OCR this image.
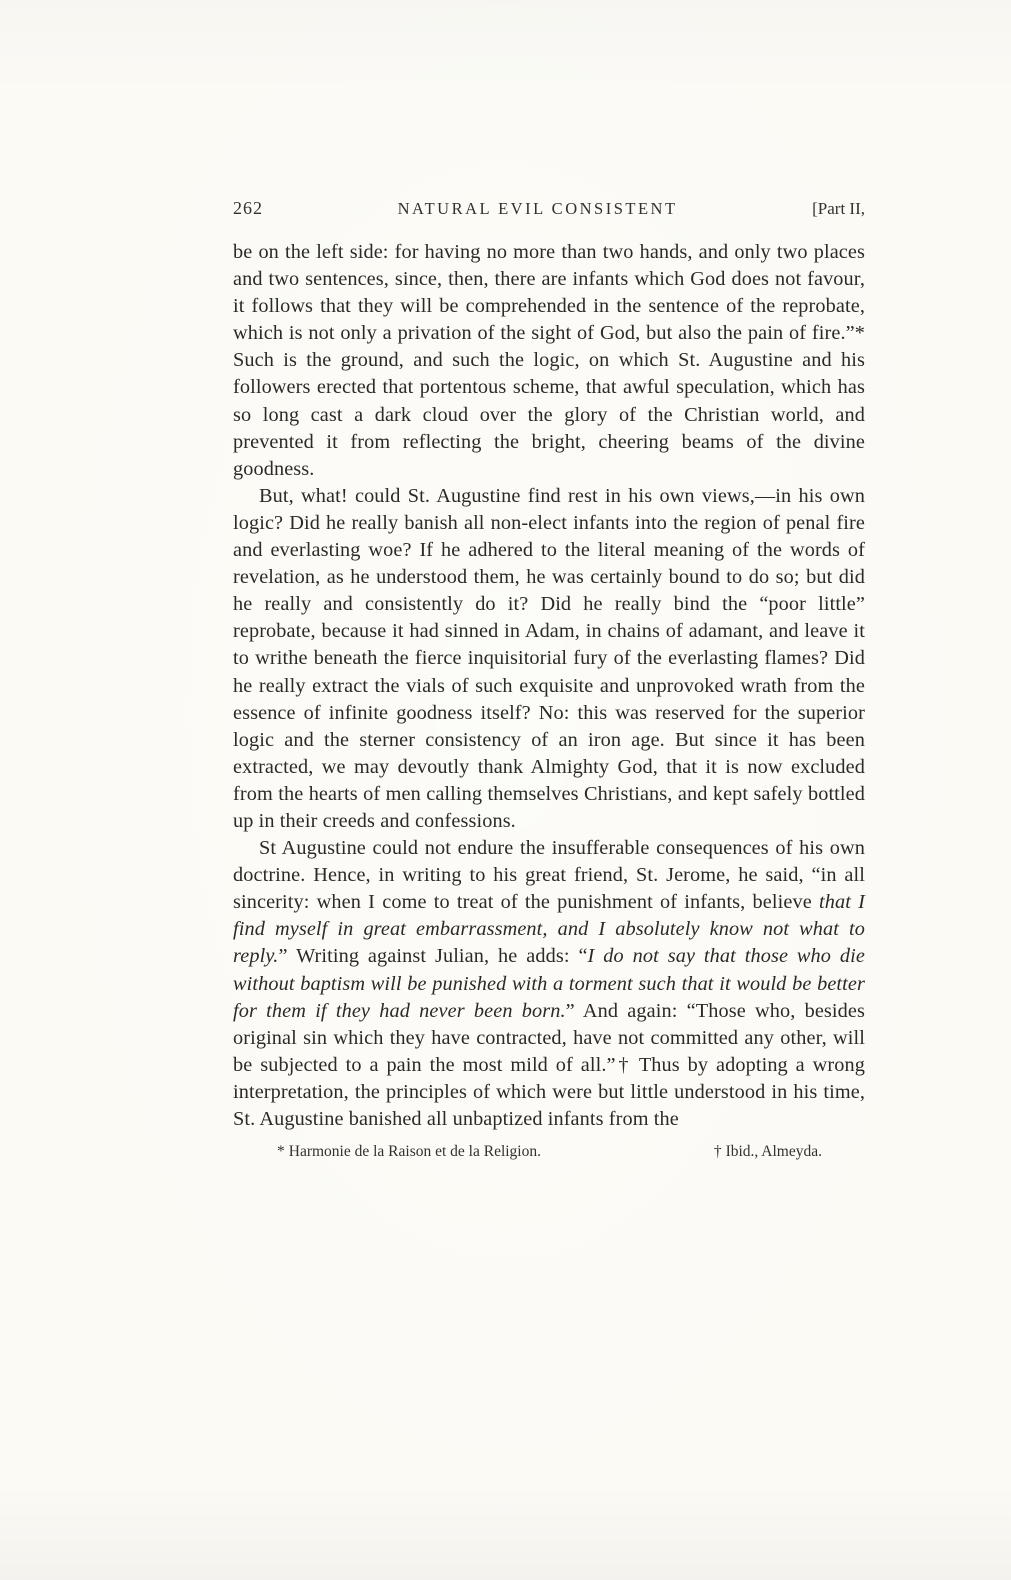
262	NATURAL EVIL CONSISTENT	[Part II,

be on the left side: for having no more than two hands, and only two places and two sentences, since, then, there are infants which God does not favour, it follows that they will be comprehended in the sentence of the reprobate, which is not only a privation of the sight of God, but also the pain of fire.”* Such is the ground, and such the logic, on which St. Augustine and his followers erected that portentous scheme, that awful speculation, which has so long cast a dark cloud over the glory of the Christian world, and prevented it from reflecting the bright, cheering beams of the divine goodness.

But, what! could St. Augustine find rest in his own views,—in his own logic? Did he really banish all non-elect infants into the region of penal fire and everlasting woe? If he adhered to the literal meaning of the words of revelation, as he understood them, he was certainly bound to do so; but did he really and consistently do it? Did he really bind the “poor little” reprobate, because it had sinned in Adam, in chains of adamant, and leave it to writhe beneath the fierce inquisitorial fury of the everlasting flames? Did he really extract the vials of such exquisite and unprovoked wrath from the essence of infinite goodness itself? No: this was reserved for the superior logic and the sterner consistency of an iron age. But since it has been extracted, we may devoutly thank Almighty God, that it is now excluded from the hearts of men calling themselves Christians, and kept safely bottled up in their creeds and confessions.

St Augustine could not endure the insufferable consequences of his own doctrine. Hence, in writing to his great friend, St. Jerome, he said, “in all sincerity: when I come to treat of the punishment of infants, believe that I find myself in great embarrassment, and I absolutely know not what to reply.” Writing against Julian, he adds: “I do not say that those who die without baptism will be punished with a torment such that it would be better for them if they had never been born.” And again: “Those who, besides original sin which they have contracted, have not committed any other, will be subjected to a pain the most mild of all.”† Thus by adopting a wrong interpretation, the principles of which were but little understood in his time, St. Augustine banished all unbaptized infants from the

* Harmonie de la Raison et de la Religion.	† Ibid., Almeyda.
